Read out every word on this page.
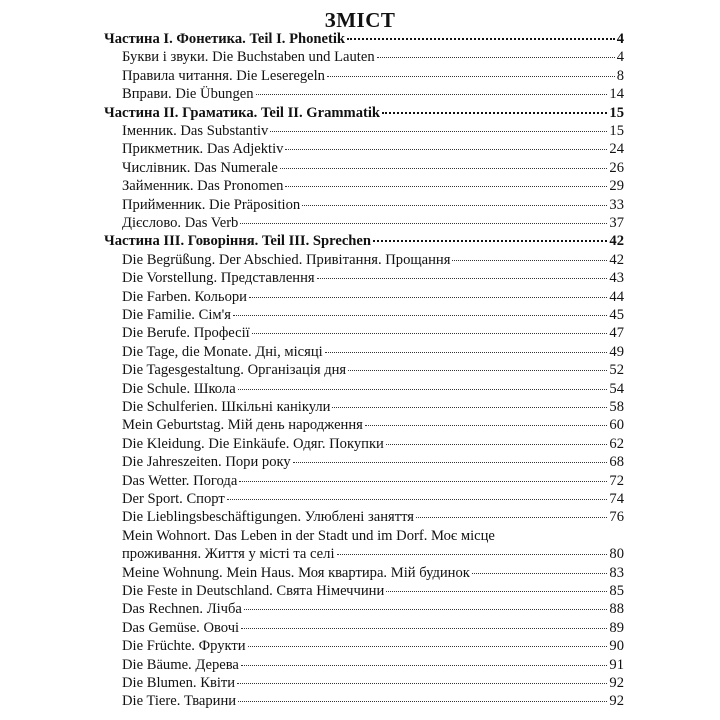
ЗМІСТ
Частина І. Фонетика. Teil I. Phonetik	4
Букви і звуки. Die Buchstaben und Lauten	4
Правила читання. Die Leseregeln	8
Вправи. Die Übungen	14
Частина II. Граматика. Teil II. Grammatik	15
Іменник. Das Substantiv	15
Прикметник. Das Adjektiv	24
Числівник. Das Numerale	26
Займенник. Das Pronomen	29
Прийменник. Die Präposition	33
Дієслово. Das Verb	37
Частина III. Говоріння. Teil III. Sprechen	42
Die Begrüßung. Der Abschied. Привітання. Прощання	42
Die Vorstellung. Представлення	43
Die Farben. Кольори	44
Die Familie. Сім'я	45
Die Berufe. Професії	47
Die Tage, die Monate. Дні, місяці	49
Die Tagesgestaltung. Організація дня	52
Die Schule. Школа	54
Die Schulferien. Шкільні канікули	58
Mein Geburtstag. Мій день народження	60
Die Kleidung. Die Einkäufe. Одяг. Покупки	62
Die Jahreszeiten. Пори року	68
Das Wetter. Погода	72
Der Sport. Спорт	74
Die Lieblingsbeschäftigungen. Улюблені заняття	76
Mein Wohnort. Das Leben in der Stadt und im Dorf. Моє місце
проживання. Життя у місті та селі	80
Meine Wohnung. Mein Haus. Моя квартира. Мій будинок	83
Die Feste in Deutschland. Свята Німеччини	85
Das Rechnen. Лічба	88
Das Gemüse. Овочі	89
Die Früchte. Фрукти	90
Die Bäume. Дерева	91
Die Blumen. Квіти	92
Die Tiere. Тварини	92
